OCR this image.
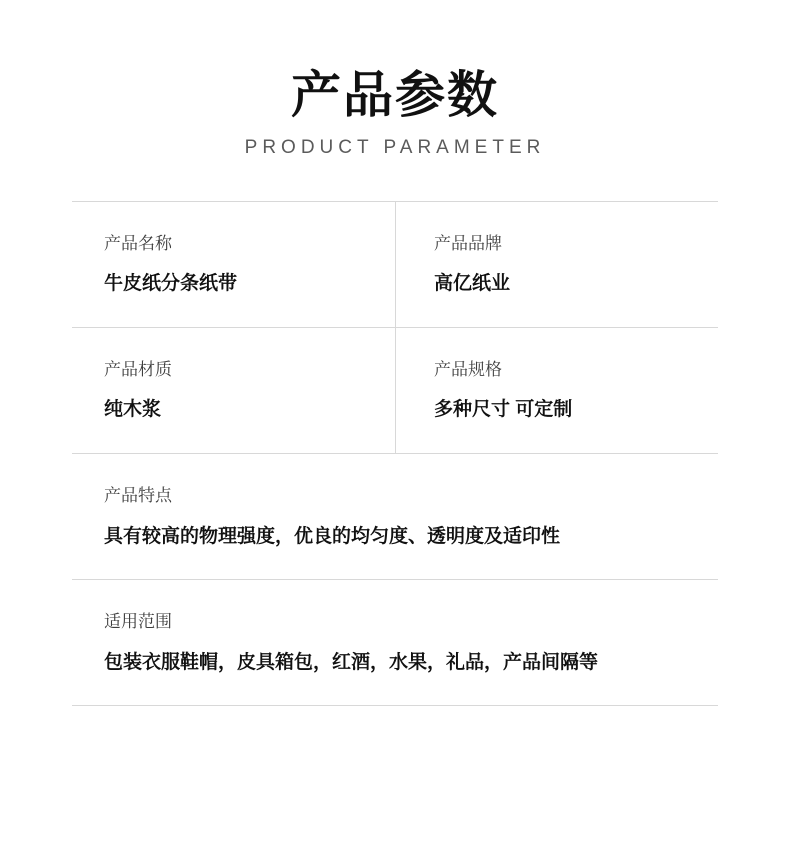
产品参数
PRODUCT PARAMETER
产品名称
牛皮纸分条纸带
产品品牌
高亿纸业
产品材质
纯木浆
产品规格
多种尺寸 可定制
产品特点
具有较高的物理强度，优良的均匀度、透明度及适印性
适用范围
包装衣服鞋帽，皮具箱包，红酒，水果，礼品，产品间隔等
